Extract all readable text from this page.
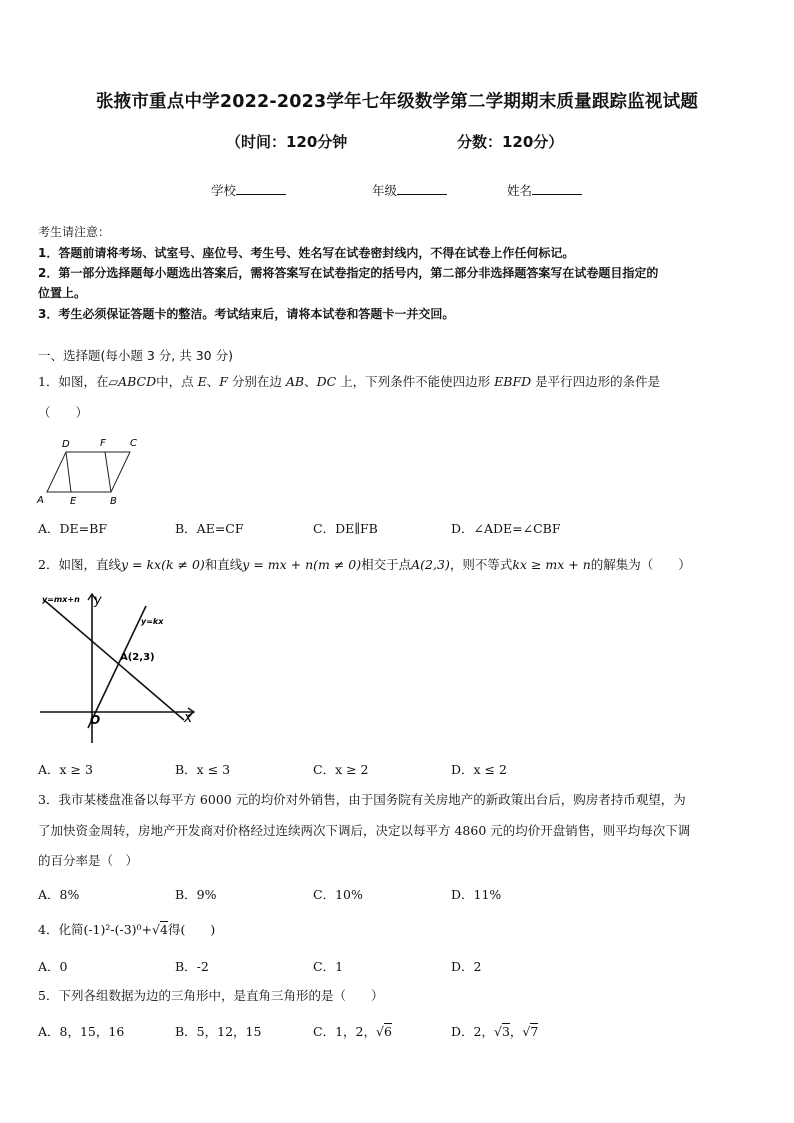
张掖市重点中学2022-2023学年七年级数学第二学期期末质量跟踪监视试题
（时间：120分钟	分数：120分）
学校	年级	姓名
考生请注意：
1．答题前请将考场、试室号、座位号、考生号、姓名写在试卷密封线内，不得在试卷上作任何标记。
2．第一部分选择题每小题选出答案后，需将答案写在试卷指定的括号内，第二部分非选择题答案写在试卷题目指定的
位置上。
3．考生必须保证答题卡的整洁。考试结束后，请将本试卷和答题卡一并交回。
一、选择题(每小题 3 分, 共 30 分)
1．如图，在▱ABCD中，点 E、F 分别在边 AB、DC 上，下列条件不能使四边形 EBFD 是平行四边形的条件是
（　　）
D	F C
A	E	B
A．DE=BF	B．AE=CF	C．DE∥FB	D．∠ADE=∠CBF
2．如图，直线y = kx(k ≠ 0)和直线y = mx + n(m ≠ 0)相交于点A(2,3)，则不等式kx ≥ mx + n的解集为（　　）
y=mx+n y
y=kx
A(2,3)
O	x
A．x ≥ 3	B．x ≤ 3	C．x ≥ 2	D．x ≤ 2
3．我市某楼盘准备以每平方 6000 元的均价对外销售，由于国务院有关房地产的新政策出台后，购房者持币观望，为
了加快资金周转，房地产开发商对价格经过连续两次下调后，决定以每平方 4860 元的均价开盘销售，则平均每次下调
的百分率是（　）
A．8%	B．9%	C．10%	D．11%
4．化简(-1)²-(-3)⁰+√4得(　　)
A．0	B．-2	C．1	D．2
5．下列各组数据为边的三角形中，是直角三角形的是（　　）
A．8，15，16	B．5，12，15	C．1，2，√6	D．2，√3，√7
